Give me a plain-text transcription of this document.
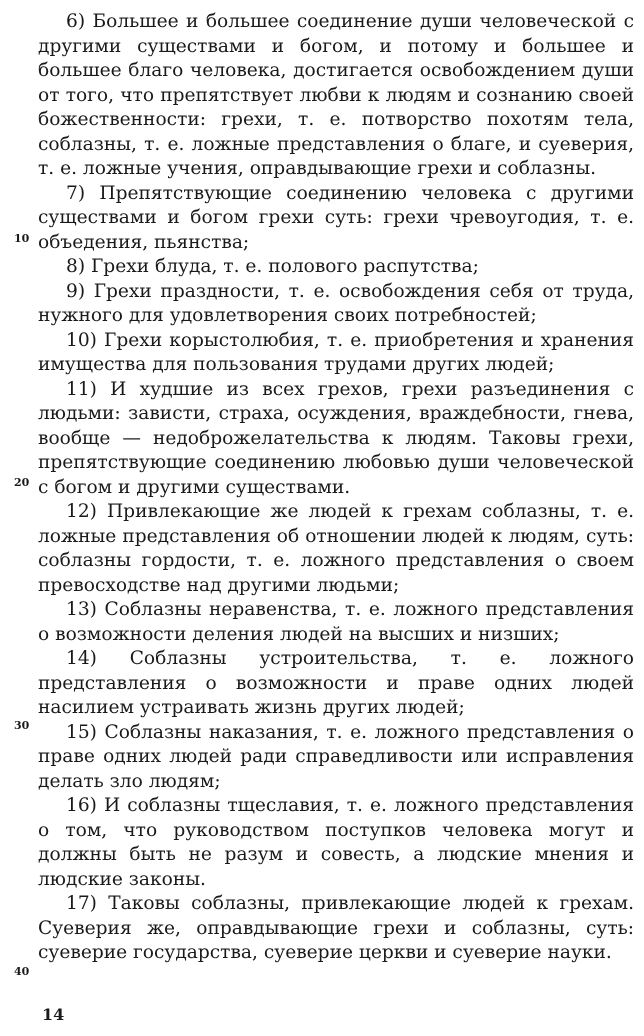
6) Большее и большее соединение души человеческой с другими существами и богом, и потому и большее и большее благо человека, достигается освобождением души от того, что препятствует любви к людям и сознанию своей божественности: грехи, т. е. потворство похотям тела, соблазны, т. е. ложные представления о благе, и суеверия, т. е. ложные учения, оправдывающие грехи и соблазны.

7) Препятствующие соединению человека с другими существами и богом грехи суть: грехи чревоугодия, т. е. объедения, пьянства;

8) Грехи блуда, т. е. полового распутства;

9) Грехи праздности, т. е. освобождения себя от труда, нужного для удовлетворения своих потребностей;

10) Грехи корыстолюбия, т. е. приобретения и хранения имущества для пользования трудами других людей;

11) И худшие из всех грехов, грехи разъединения с людьми: зависти, страха, осуждения, враждебности, гнева, вообще — недоброжелательства к людям. Таковы грехи, препятствующие соединению любовью души человеческой с богом и другими существами.

12) Привлекающие же людей к грехам соблазны, т. е. ложные представления об отношении людей к людям, суть: соблазны гордости, т. е. ложного представления о своем превосходстве над другими людьми;

13) Соблазны неравенства, т. е. ложного представления о возможности деления людей на высших и низших;

14) Соблазны устроительства, т. е. ложного представления о возможности и праве одних людей насилием устраивать жизнь других людей;

15) Соблазны наказания, т. е. ложного представления о праве одних людей ради справедливости или исправления делать зло людям;

16) И соблазны тщеславия, т. е. ложного представления о том, что руководством поступков человека могут и должны быть не разум и совесть, а людские мнения и людские законы.

17) Таковы соблазны, привлекающие людей к грехам. Суеверия же, оправдывающие грехи и соблазны, суть: суеверие государства, суеверие церкви и суеверие науки.

10
20
30
40
14
